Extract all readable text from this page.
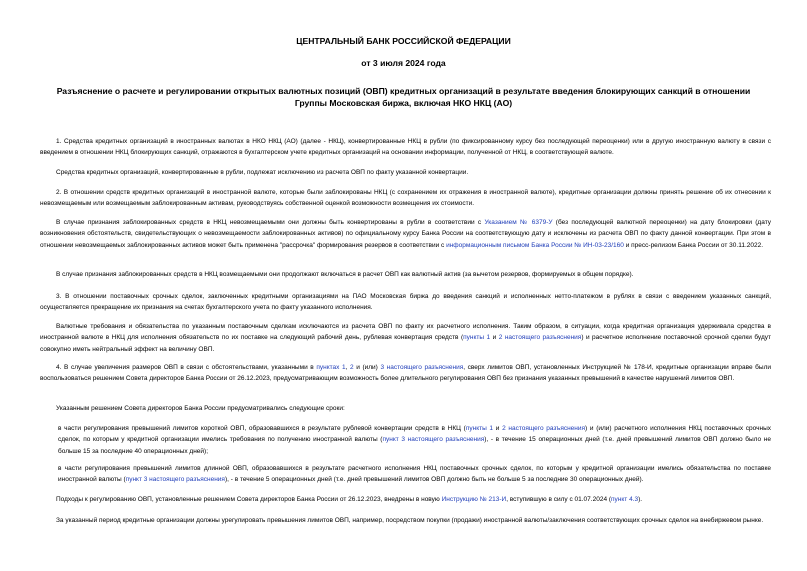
ЦЕНТРАЛЬНЫЙ БАНК РОССИЙСКОЙ ФЕДЕРАЦИИ
от 3 июля 2024 года
Разъяснение о расчете и регулировании открытых валютных позиций (ОВП) кредитных организаций в результате введения блокирующих санкций в отношении Группы Московская биржа, включая НКО НКЦ (АО)
1. Средства кредитных организаций в иностранных валютах в НКО НКЦ (АО) (далее - НКЦ), конвертированные НКЦ в рубли (по фиксированному курсу без последующей переоценки) или в другую иностранную валюту в связи с введением в отношении НКЦ блокирующих санкций, отражаются в бухгалтерском учете кредитных организаций на основании информации, полученной от НКЦ, в соответствующей валюте.
Средства кредитных организаций, конвертированные в рубли, подлежат исключению из расчета ОВП по факту указанной конвертации.
2. В отношении средств кредитных организаций в иностранной валюте, которые были заблокированы НКЦ (с сохранением их отражения в иностранной валюте), кредитные организации должны принять решение об их отнесении к невозмещаемым или возмещаемым заблокированным активам, руководствуясь собственной оценкой возможности возмещения их стоимости.
В случае признания заблокированных средств в НКЦ невозмещаемыми они должны быть конвертированы в рубли в соответствии с Указанием № 6379-У (без последующей валютной переоценки) на дату блокировки (дату возникновения обстоятельств, свидетельствующих о невозмещаемости заблокированных активов) по официальному курсу Банка России на соответствующую дату и исключены из расчета ОВП по факту данной конвертации. При этом в отношении невозмещаемых заблокированных активов может быть применена "рассрочка" формирования резервов в соответствии с информационным письмом Банка России № ИН-03-23/160 и пресс-релизом Банка России от 30.11.2022.
В случае признания заблокированных средств в НКЦ возмещаемыми они продолжают включаться в расчет ОВП как валютный актив (за вычетом резервов, формируемых в общем порядке).
3. В отношении поставочных срочных сделок, заключенных кредитными организациями на ПАО Московская биржа до введения санкций и исполненных нетто-платежом в рублях в связи с введением указанных санкций, осуществляется прекращение их признания на счетах бухгалтерского учета по факту указанного исполнения.
Валютные требования и обязательства по указанным поставочным сделкам исключаются из расчета ОВП по факту их расчетного исполнения. Таким образом, в ситуации, когда кредитная организация удерживала средства в иностранной валюте в НКЦ для исполнения обязательств по их поставке на следующий рабочий день, рублевая конвертация средств (пункты 1 и 2 настоящего разъяснения) и расчетное исполнение поставочной срочной сделки будут совокупно иметь нейтральный эффект на величину ОВП.
4. В случае увеличения размеров ОВП в связи с обстоятельствами, указанными в пунктах 1, 2 и (или) 3 настоящего разъяснения, сверх лимитов ОВП, установленных Инструкцией № 178-И, кредитные организации вправе были воспользоваться решением Совета директоров Банка России от 26.12.2023, предусматривающим возможность более длительного регулирования ОВП без признания указанных превышений в качестве нарушений лимитов ОВП.
Указанным решением Совета директоров Банка России предусматривались следующие сроки:
в части регулирования превышений лимитов короткой ОВП, образовавшихся в результате рублевой конвертации средств в НКЦ (пункты 1 и 2 настоящего разъяснения) и (или) расчетного исполнения НКЦ поставочных срочных сделок, по которым у кредитной организации имелись требования по получению иностранной валюты (пункт 3 настоящего разъяснения), - в течение 15 операционных дней (т.е. дней превышений лимитов ОВП должно было не больше 15 за последние 40 операционных дней);
в части регулирования превышений лимитов длинной ОВП, образовавшихся в результате расчетного исполнения НКЦ поставочных срочных сделок, по которым у кредитной организации имелись обязательства по поставке иностранной валюты (пункт 3 настоящего разъяснения), - в течение 5 операционных дней (т.е. дней превышений лимитов ОВП должно быть не больше 5 за последние 30 операционных дней).
Подходы к регулированию ОВП, установленные решением Совета директоров Банка России от 26.12.2023, внедрены в новую Инструкцию № 213-И, вступившую в силу с 01.07.2024 (пункт 4.3).
За указанный период кредитные организации должны урегулировать превышения лимитов ОВП, например, посредством покупки (продажи) иностранной валюты/заключения соответствующих срочных сделок на внебиржевом рынке.
